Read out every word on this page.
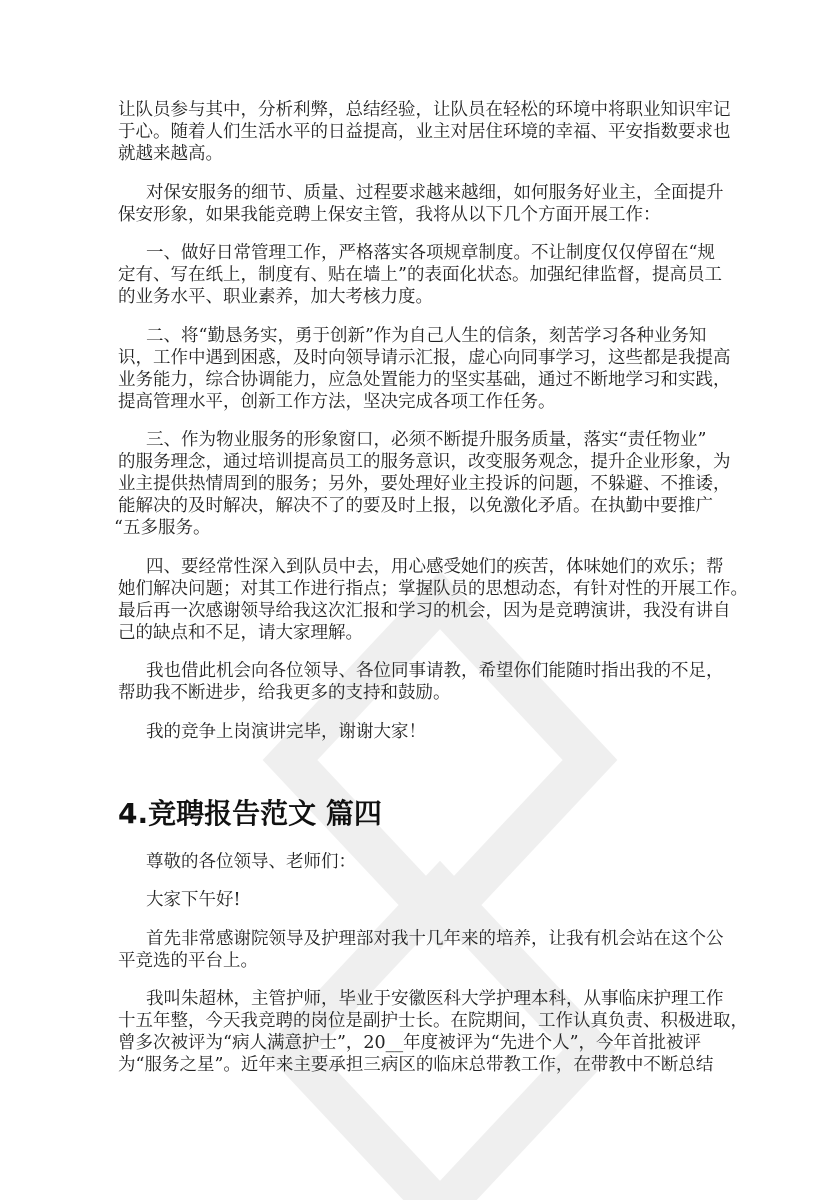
让队员参与其中，分析利弊，总结经验，让队员在轻松的环境中将职业知识牢记
于心。随着人们生活水平的日益提高，业主对居住环境的幸福、平安指数要求也
就越来越高。

对保安服务的细节、质量、过程要求越来越细，如何服务好业主，全面提升
保安形象，如果我能竞聘上保安主管，我将从以下几个方面开展工作：

一、做好日常管理工作，严格落实各项规章制度。不让制度仅仅停留在“规
定有、写在纸上，制度有、贴在墙上”的表面化状态。加强纪律监督，提高员工
的业务水平、职业素养，加大考核力度。

二、将“勤恳务实，勇于创新”作为自己人生的信条，刻苦学习各种业务知
识，工作中遇到困惑，及时向领导请示汇报，虚心向同事学习，这些都是我提高
业务能力，综合协调能力，应急处置能力的坚实基础，通过不断地学习和实践，
提高管理水平，创新工作方法，坚决完成各项工作任务。

三、作为物业服务的形象窗口，必须不断提升服务质量，落实“责任物业”
的服务理念，通过培训提高员工的服务意识，改变服务观念，提升企业形象，为
业主提供热情周到的服务；另外，要处理好业主投诉的问题，不躲避、不推诿，
能解决的及时解决，解决不了的要及时上报，以免激化矛盾。在执勤中要推广
“五多服务。

四、要经常性深入到队员中去，用心感受她们的疾苦，体味她们的欢乐；帮
她们解决问题；对其工作进行指点；掌握队员的思想动态，有针对性的开展工作。
最后再一次感谢领导给我这次汇报和学习的机会，因为是竞聘演讲，我没有讲自
己的缺点和不足，请大家理解。

我也借此机会向各位领导、各位同事请教，希望你们能随时指出我的不足，
帮助我不断进步，给我更多的支持和鼓励。

我的竞争上岗演讲完毕，谢谢大家！

4.竞聘报告范文 篇四

尊敬的各位领导、老师们：

大家下午好!

首先非常感谢院领导及护理部对我十几年来的培养，让我有机会站在这个公
平竞选的平台上。

我叫朱超林，主管护师，毕业于安徽医科大学护理本科，从事临床护理工作
十五年整，今天我竞聘的岗位是副护士长。在院期间，工作认真负责、积极进取，
曾多次被评为“病人满意护士”，20__年度被评为“先进个人”，今年首批被评
为“服务之星”。近年来主要承担三病区的临床总带教工作，在带教中不断总结
